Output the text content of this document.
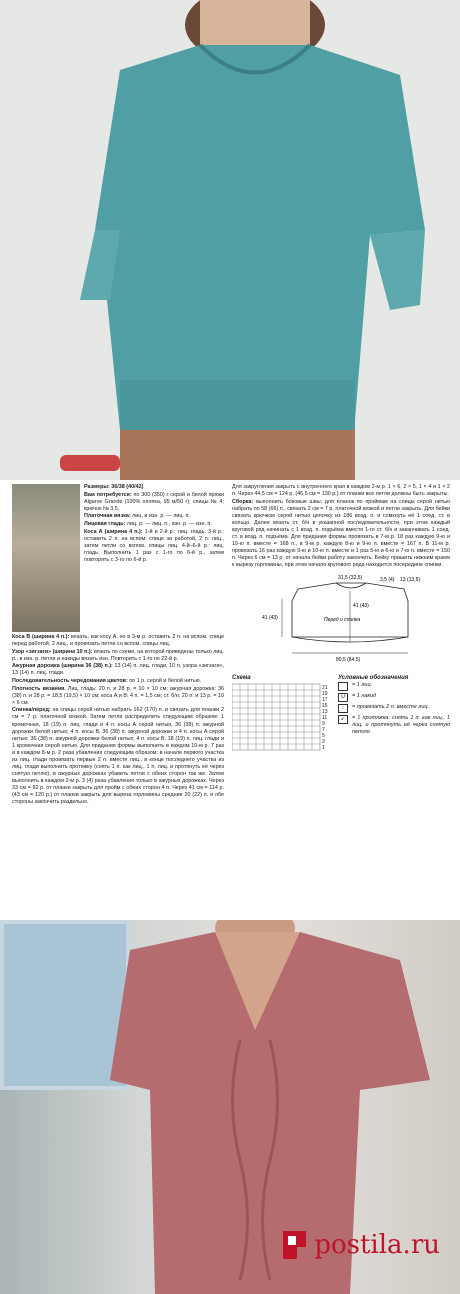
Размеры: 36/38 (40/42)

Вам потребуется: по 300 (350) г серой и белой пряжи Algarve Grande (100% хлопка, 95 м/50 г); спицы № 4; крючок № 3,5.

Платочная вязка: лиц. и изн. р. — лиц. п.

Лицевая гладь: лиц. р. — лиц. п., изн. р. — изн. п.

Коса А (ширина 4 п.): 1-й и 2-й р.: лиц. гладь. 3-й р.: оставить 2 п. на вспом. спице за работой, 2 п. лиц., затем петли со вспом. спицы лиц. 4-й–6-й р.: лиц. гладь. Выполнить 1 раз с 1-го по 6-й р., затем повторять с 3-го по 6-й р.

Коса B (ширина 4 п.): вязать, как косу А, но в 3-м р. оставить 2 п. на вспом. спице перед работой, 2 лиц., и провязать петли со вспом. спицы лиц.

Узор «зигзаги» (ширина 10 п.): вязать по схеме, на которой приведены только лиц. р., в изн. р. петли и накиды вязать изн. Повторить с 1-го по 22-й р.

Ажурная дорожка (ширина 36 (38) п.): 13 (14) п. лиц. глади, 10 п. узора «зигзаги», 13 (14) п. лиц. глади.

Последовательность чередования цветов: по 1 р. серой и белой нитью.

Плотность вязания. Лиц. гладь: 20 п. и 28 р. = 10 × 10 см; ажурная дорожка: 36 (38) п. и 28 р. = 18,5 (19,5) × 10 см; коса А и В: 4 п. = 1,5 см; ст. б/н: 20 п. и 13 р. = 10 × 6 см.

Спинка/перед: на спицы серой нитью набрать 162 (170) п. и связать для планки 2 см = 7 р. платочной вязкой. Затем петли распределить следующим образом: 1 кромочная, 18 (19) п. лиц. глади и 4 п. косы А серой нитью, 36 (38) п. ажурной дорожки белой нитью; 4 п. косы В, 36 (38) п. ажурной дорожки и 4 п. косы А серой нитью; 36 (38) п. ажурной дорожки белой нитью; 4 п. косы В, 18 (19) п. лиц. глади и 1 кромочная серой нитью. Для придания формы выполнить в каждом 10-м р. 7 раз и в каждом 8-м р. 2 раза убавления следующим образом: в начале первого участка из лиц. глади провязать первые 2 п. вместе лиц., в конце последнего участка из лиц. глади выполнить протяжку (снять 1 п. как лиц., 1 п. лиц. и протянуть её через снятую петлю), в ажурных дорожках убавить петли с обеих сторон так же. Затем выполнить в каждом 2-м р. 3 (4) раза убавления только в ажурных дорожках. Через 33 см = 92 р. от планки закрыть для пройм с обеих сторон 4 п. Через 41 см = 114 р. (43 см = 120 р.) от планки закрыть для выреза горловины средние 20 (22) п. и обе стороны закончить раздельно.

Для закругления закрыть с внутреннего края в каждом 2-м р. 1 × 6, 2 × 5, 1 × 4 и 1 × 2 п. Через 44,5 см = 124 р. (46,5 см = 130 р.) от планки все петли должны быть закрыты.

Сборка: выполнить боковые швы; для планок по проймам на спицы серой нитью набрать по 58 (66) п., связать 2 см = 7 р. платочной вязкой и петли закрыть. Для бейки связать крючком серой нитью цепочку из 186 возд. п. и сомкнуть её 1 соед. ст. в кольцо. Далее вязать ст. б/н в указанной последовательности, при этом каждый круговой ряд начинать с 1 возд. п. подъёма вместо 1-го ст. б/н и заканчивать 1 соед. ст. в возд. п. подъёма. Для придания формы провязать в 7-м р. 18 раз каждую 9-ю и 10-ю п. вместе = 168 п., в 9-м р. каждую 8-ю и 9-ю п. вместе = 167 п. В 11-м р. провязать 16 раз каждую 9-ю и 10-ю п. вместе и 1 раз 5-ю и 6-ю и 7-ю п. вместе = 150 п. Через 6 см = 13 р. от начала бейки работу закончить. Бейку пришить нижним краем к вырезу горловины, при этом начало кругового ряда находится посередине спинки.

31,5 (32,5)	3,5 (4) 13 (13,5)
41 (43)
41 (43)
80,5 (84,5)
Перед и спинка
Схема
21
19
17
15
13
11
9
7
5
3
1
Условные обозначения
= 1 лиц.
U	= 1 накид
↓	= провязать 2 п. вместе лиц.
↙	= 1 протяжка: снять 1 п. как лиц., 1 лиц. и протянуть её через снятую петлю
postila.ru
